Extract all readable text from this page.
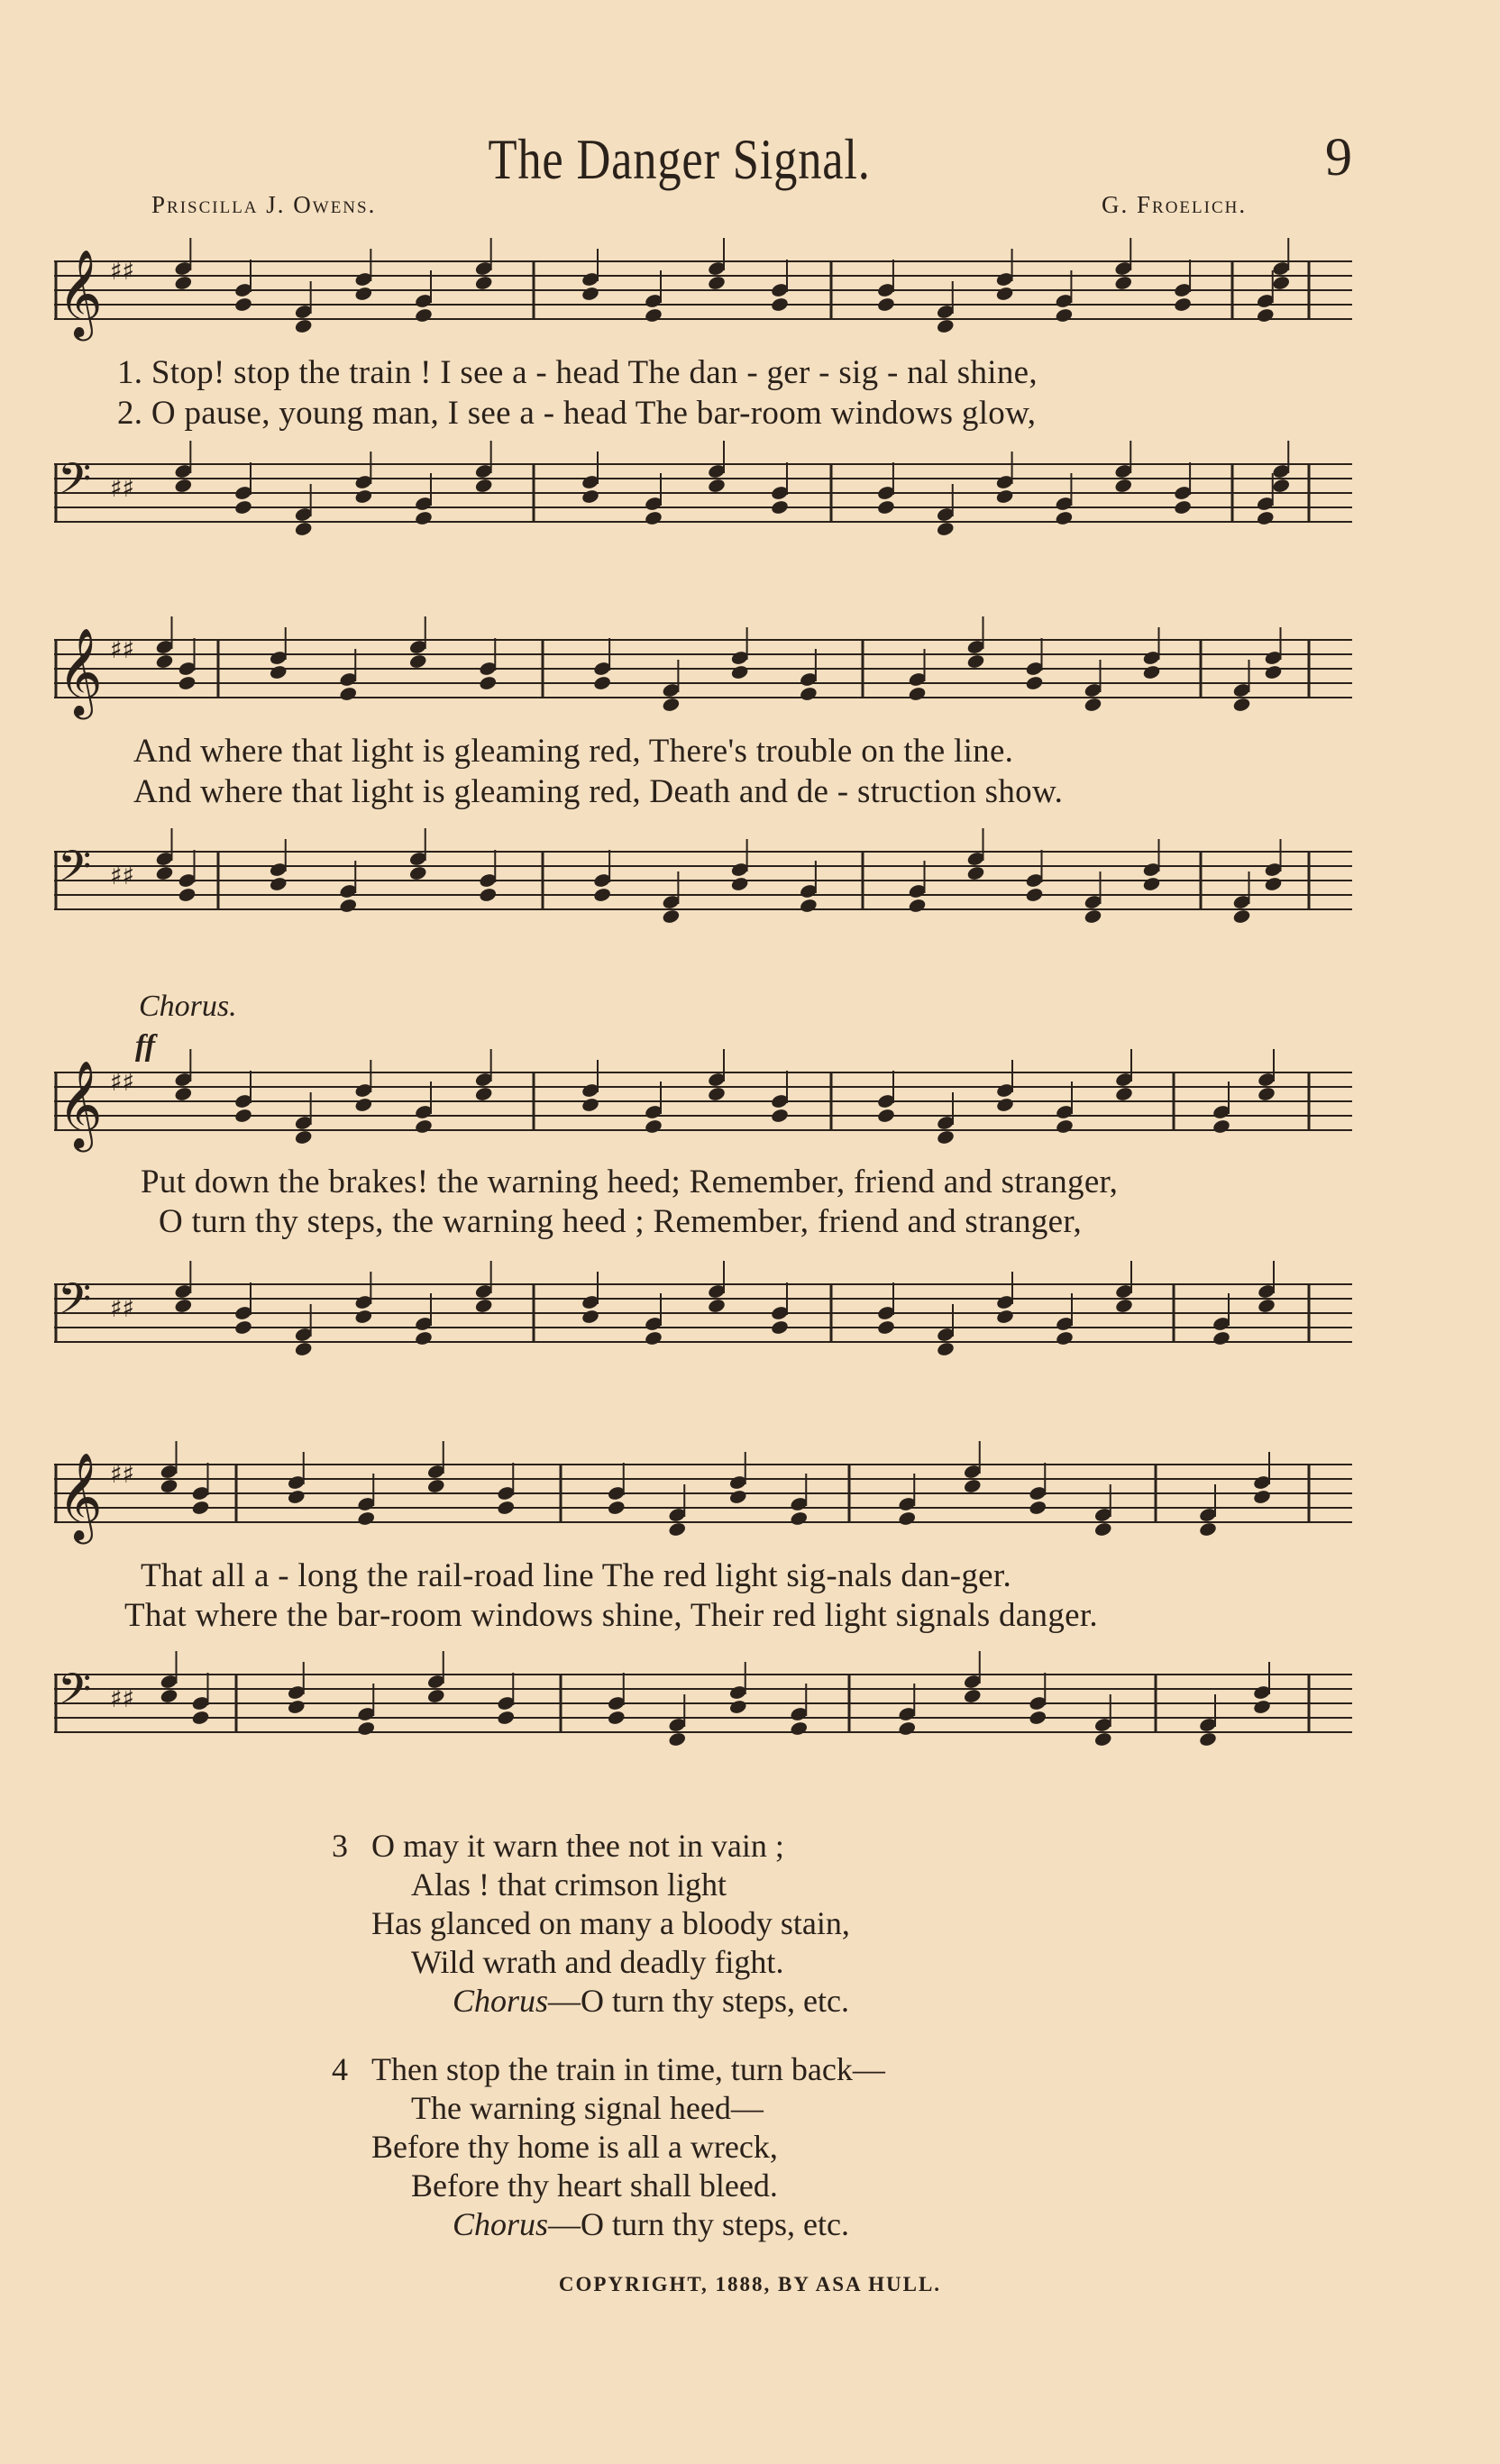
The Danger Signal.	9
Priscilla J. Owens.	G. Froelich.
𝄞 ♯♯
1. Stop! stop the train ! I see a - head The dan - ger - sig - nal shine,
2. O pause, young man, I see a - head The bar-room windows glow,
𝄢 ♯♯
𝄞 ♯♯
And where that light is gleaming red, There's trouble on the line.
And where that light is gleaming red, Death and de - struction show.
𝄢 ♯♯
Chorus.
ff
𝄞 ♯♯
Put down the brakes! the warning heed; Remember, friend and stranger,
O turn thy steps, the warning heed ; Remember, friend and stranger,
𝄢 ♯♯
𝄞 ♯♯
That all a - long the rail-road line The red light sig-nals dan-ger.
That where the bar-room windows shine, Their red light signals danger.
𝄢 ♯♯
3 O may it warn thee not in vain ;
Alas ! that crimson light
Has glanced on many a bloody stain,
Wild wrath and deadly fight.
Chorus—O turn thy steps, etc.
4 Then stop the train in time, turn back—
The warning signal heed—
Before thy home is all a wreck,
Before thy heart shall bleed.
Chorus—O turn thy steps, etc.
COPYRIGHT, 1888, BY ASA HULL.
